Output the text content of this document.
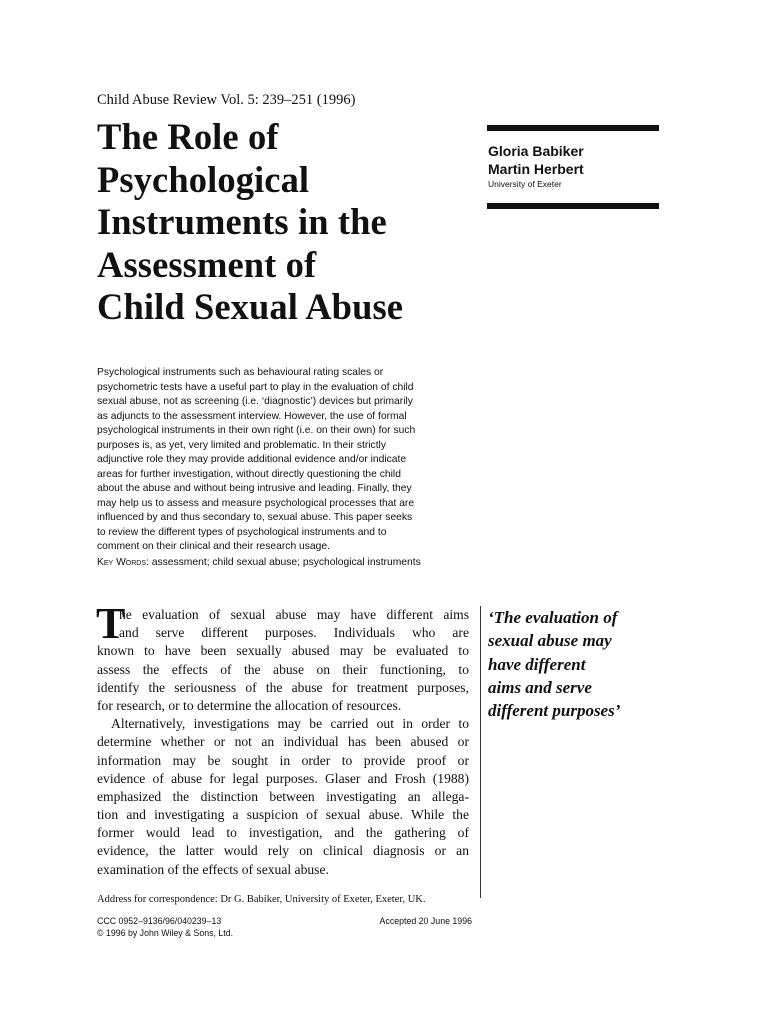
Child Abuse Review Vol. 5: 239–251 (1996)
The Role of
Psychological
Instruments in the
Assessment of
Child Sexual Abuse
Gloria Babiker
Martin Herbert
University of Exeter
Psychological instruments such as behavioural rating scales or
psychometric tests have a useful part to play in the evaluation of child
sexual abuse, not as screening (i.e. ‘diagnostic’) devices but primarily
as adjuncts to the assessment interview. However, the use of formal
psychological instruments in their own right (i.e. on their own) for such
purposes is, as yet, very limited and problematic. In their strictly
adjunctive role they may provide additional evidence and/or indicate
areas for further investigation, without directly questioning the child
about the abuse and without being intrusive and leading. Finally, they
may help us to assess and measure psychological processes that are
influenced by and thus secondary to, sexual abuse. This paper seeks
to review the different types of psychological instruments and to
comment on their clinical and their research usage.
Key Words: assessment; child sexual abuse; psychological instruments
T
he evaluation of sexual abuse may have different aims
and serve different purposes. Individuals who are
known to have been sexually abused may be evaluated to
assess the effects of the abuse on their functioning, to
identify the seriousness of the abuse for treatment purposes,
for research, or to determine the allocation of resources.
Alternatively, investigations may be carried out in order to
determine whether or not an individual has been abused or
information may be sought in order to provide proof or
evidence of abuse for legal purposes. Glaser and Frosh (1988)
emphasized the distinction between investigating an allega-
tion and investigating a suspicion of sexual abuse. While the
former would lead to investigation, and the gathering of
evidence, the latter would rely on clinical diagnosis or an
examination of the effects of sexual abuse.
‘The evaluation of
sexual abuse may
have different
aims and serve
different purposes’
Address for correspondence: Dr G. Babiker, University of Exeter, Exeter, UK.
CCC 0952–9136/96/040239–13	Accepted 20 June 1996
© 1996 by John Wiley & Sons, Ltd.
